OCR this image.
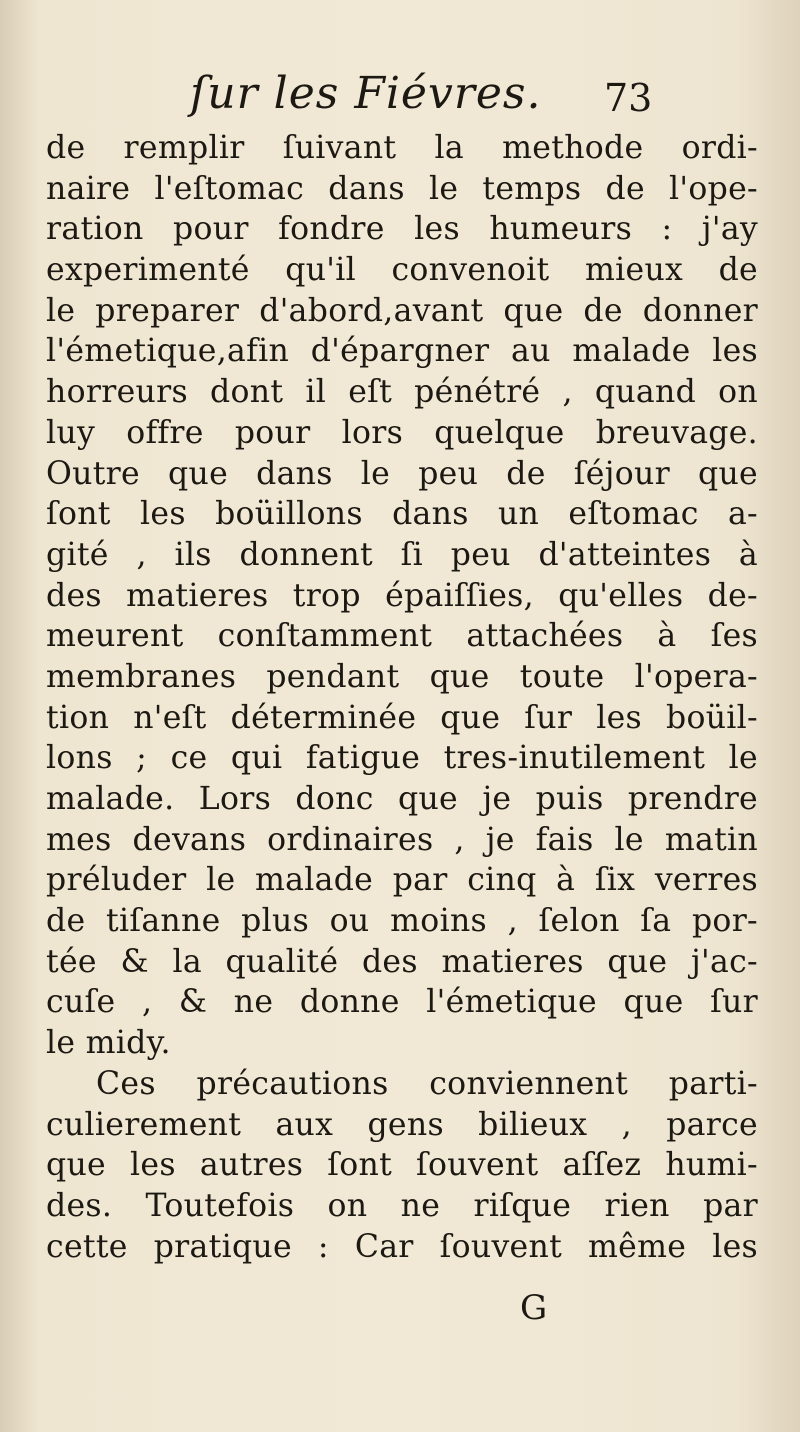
ſur les Fiévres. 73
de remplir ſuivant la methode ordi-
naire l'eſtomac dans le temps de l'ope-
ration pour fondre les humeurs : j'ay
experimenté qu'il convenoit mieux de
le preparer d'abord,avant que de donner
l'émetique,afin d'épargner au malade les
horreurs dont il eſt pénétré , quand on
luy offre pour lors quelque breuvage.
Outre que dans le peu de ſéjour que
ſont les boüillons dans un eſtomac a-
gité , ils donnent ſi peu d'atteintes à
des matieres trop épaiſſies, qu'elles de-
meurent conſtamment attachées à ſes
membranes pendant que toute l'opera-
tion n'eſt déterminée que ſur les boüil-
lons ; ce qui fatigue tres-inutilement le
malade. Lors donc que je puis prendre
mes devans ordinaires , je fais le matin
préluder le malade par cinq à ſix verres
de tiſanne plus ou moins , ſelon ſa por-
tée & la qualité des matieres que j'ac-
cuſe , & ne donne l'émetique que ſur
le midy.
Ces précautions conviennent parti-
culierement aux gens bilieux , parce
que les autres ſont ſouvent aſſez humi-
des. Toutefois on ne riſque rien par
cette pratique : Car ſouvent même les
G
